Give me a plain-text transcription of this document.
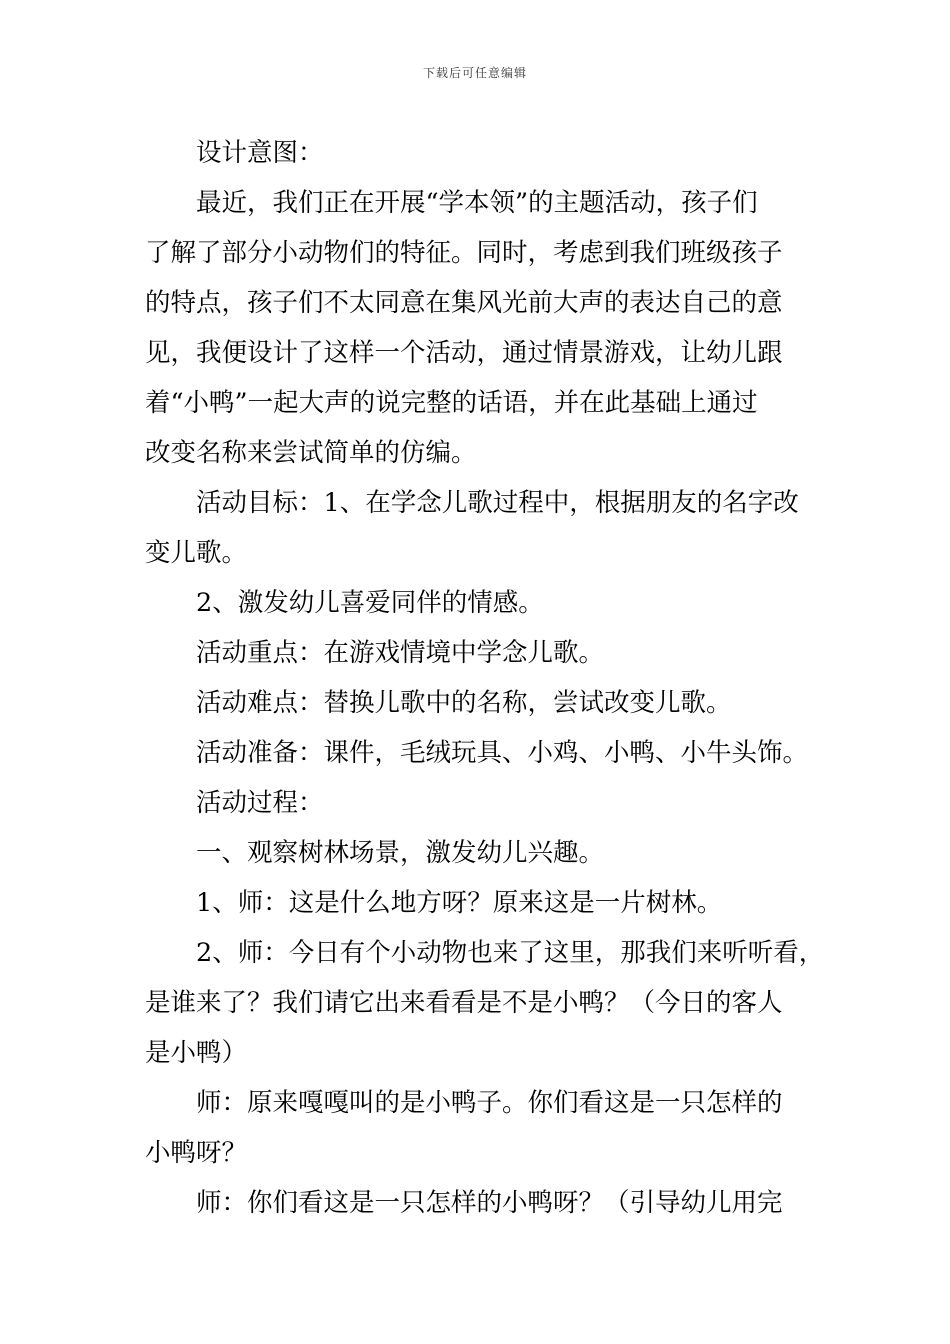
下载后可任意编辑
设计意图：
最近，我们正在开展“学本领”的主题活动，孩子们
了解了部分小动物们的特征。同时，考虑到我们班级孩子
的特点，孩子们不太同意在集风光前大声的表达自己的意
见，我便设计了这样一个活动，通过情景游戏，让幼儿跟
着“小鸭”一起大声的说完整的话语，并在此基础上通过
改变名称来尝试简单的仿编。
活动目标：1、在学念儿歌过程中，根据朋友的名字改
变儿歌。
2、激发幼儿喜爱同伴的情感。
活动重点：在游戏情境中学念儿歌。
活动难点：替换儿歌中的名称，尝试改变儿歌。
活动准备：课件，毛绒玩具、小鸡、小鸭、小牛头饰。
活动过程：
一、观察树林场景，激发幼儿兴趣。
1、师：这是什么地方呀？原来这是一片树林。
2、师：今日有个小动物也来了这里，那我们来听听看，
是谁来了？我们请它出来看看是不是小鸭？（今日的客人
是小鸭）
师：原来嘎嘎叫的是小鸭子。你们看这是一只怎样的
小鸭呀？
师：你们看这是一只怎样的小鸭呀？（引导幼儿用完
